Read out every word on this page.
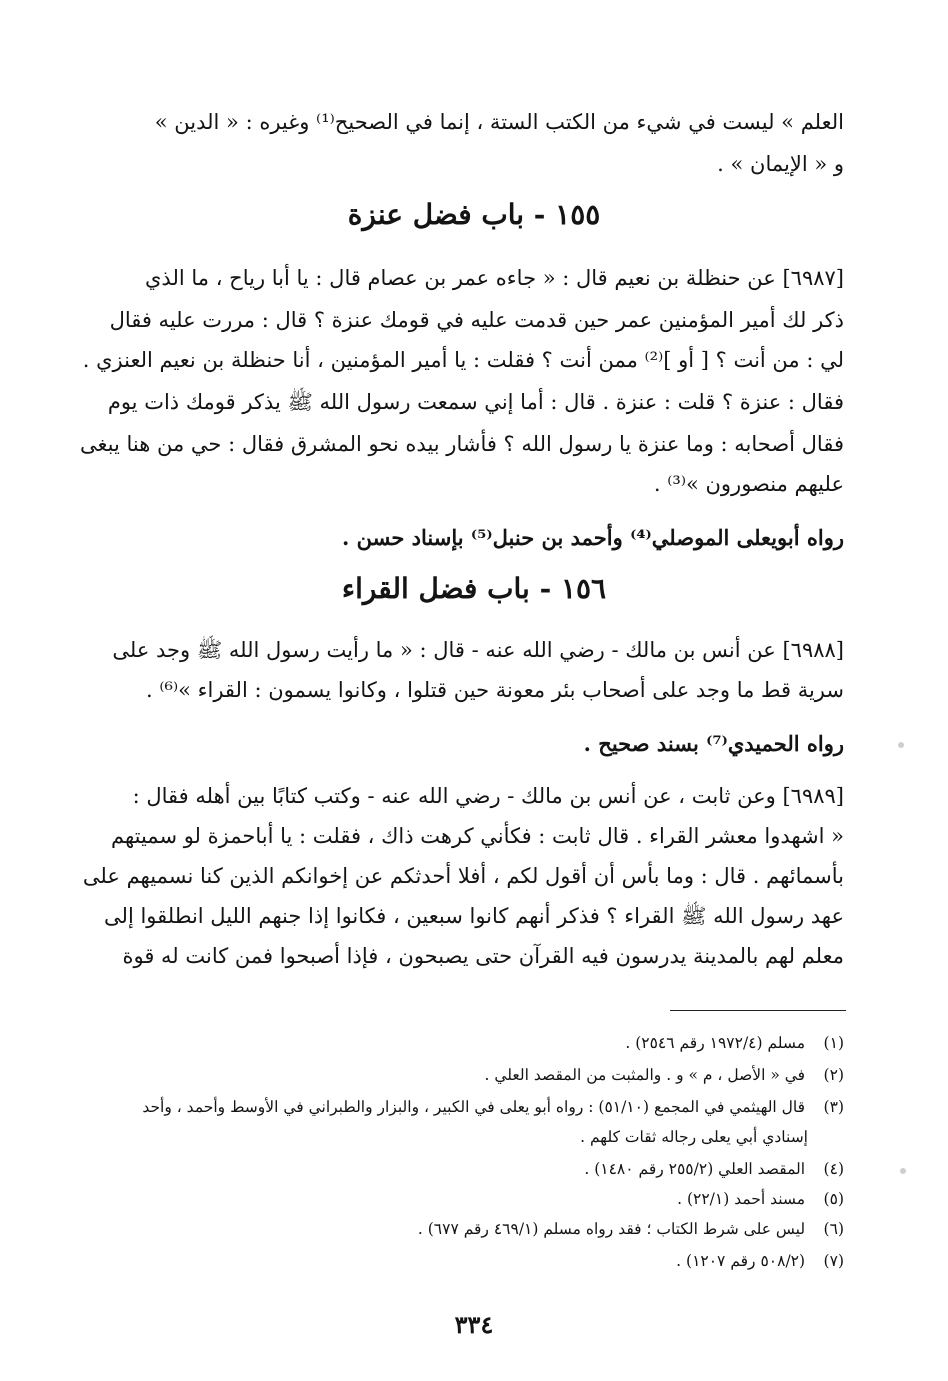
العلم » ليست في شيء من الكتب الستة ، إنما في الصحيح⁽¹⁾ وغيره : « الدين »
و « الإيمان » .
١٥٥ - باب فضل عنزة
[٦٩٨٧] عن حنظلة بن نعيم قال : « جاءه عمر بن عصام قال : يا أبا رياح ، ما الذي
ذكر لك أمير المؤمنين عمر حين قدمت عليه في قومك عنزة ؟ قال : مررت عليه فقال
لي : من أنت ؟ [ أو ]⁽²⁾ ممن أنت ؟ فقلت : يا أمير المؤمنين ، أنا حنظلة بن نعيم العنزي .
فقال : عنزة ؟ قلت : عنزة . قال : أما إني سمعت رسول الله ﷺ يذكر قومك ذات يوم
فقال أصحابه : وما عنزة يا رسول الله ؟ فأشار بيده نحو المشرق فقال : حي من هنا يبغى
عليهم منصورون »⁽³⁾ .
رواه أبويعلى الموصلي⁽⁴⁾ وأحمد بن حنبل⁽⁵⁾ بإسناد حسن .
١٥٦ - باب فضل القراء
[٦٩٨٨] عن أنس بن مالك - رضي الله عنه - قال : « ما رأيت رسول الله ﷺ وجد على
سرية قط ما وجد على أصحاب بئر معونة حين قتلوا ، وكانوا يسمون : القراء »⁽⁶⁾ .
رواه الحميدي⁽⁷⁾ بسند صحيح .
[٦٩٨٩] وعن ثابت ، عن أنس بن مالك - رضي الله عنه - وكتب كتابًا بين أهله فقال :
« اشهدوا معشر القراء . قال ثابت : فكأني كرهت ذاك ، فقلت : يا أباحمزة لو سميتهم
بأسمائهم . قال : وما بأس أن أقول لكم ، أفلا أحدثكم عن إخوانكم الذين كنا نسميهم على
عهد رسول الله ﷺ القراء ؟ فذكر أنهم كانوا سبعين ، فكانوا إذا جنهم الليل انطلقوا إلى
معلم لهم بالمدينة يدرسون فيه القرآن حتى يصبحون ، فإذا أصبحوا فمن كانت له قوة
(١) مسلم (١٩٧٢/٤ رقم ٢٥٤٦) .
(٢) في « الأصل ، م » و . والمثبت من المقصد العلي .
(٣) قال الهيثمي في المجمع (٥١/١٠) : رواه أبو يعلى في الكبير ، والبزار والطبراني في الأوسط وأحمد ، وأحد
إسنادي أبي يعلى رجاله ثقات كلهم .
(٤) المقصد العلي (٢٥٥/٢ رقم ١٤٨٠) .
(٥) مسند أحمد (٢٢/١) .
(٦) ليس على شرط الكتاب ؛ فقد رواه مسلم (٤٦٩/١ رقم ٦٧٧) .
(٧) (٥٠٨/٢ رقم ١٢٠٧) .
٣٣٤
